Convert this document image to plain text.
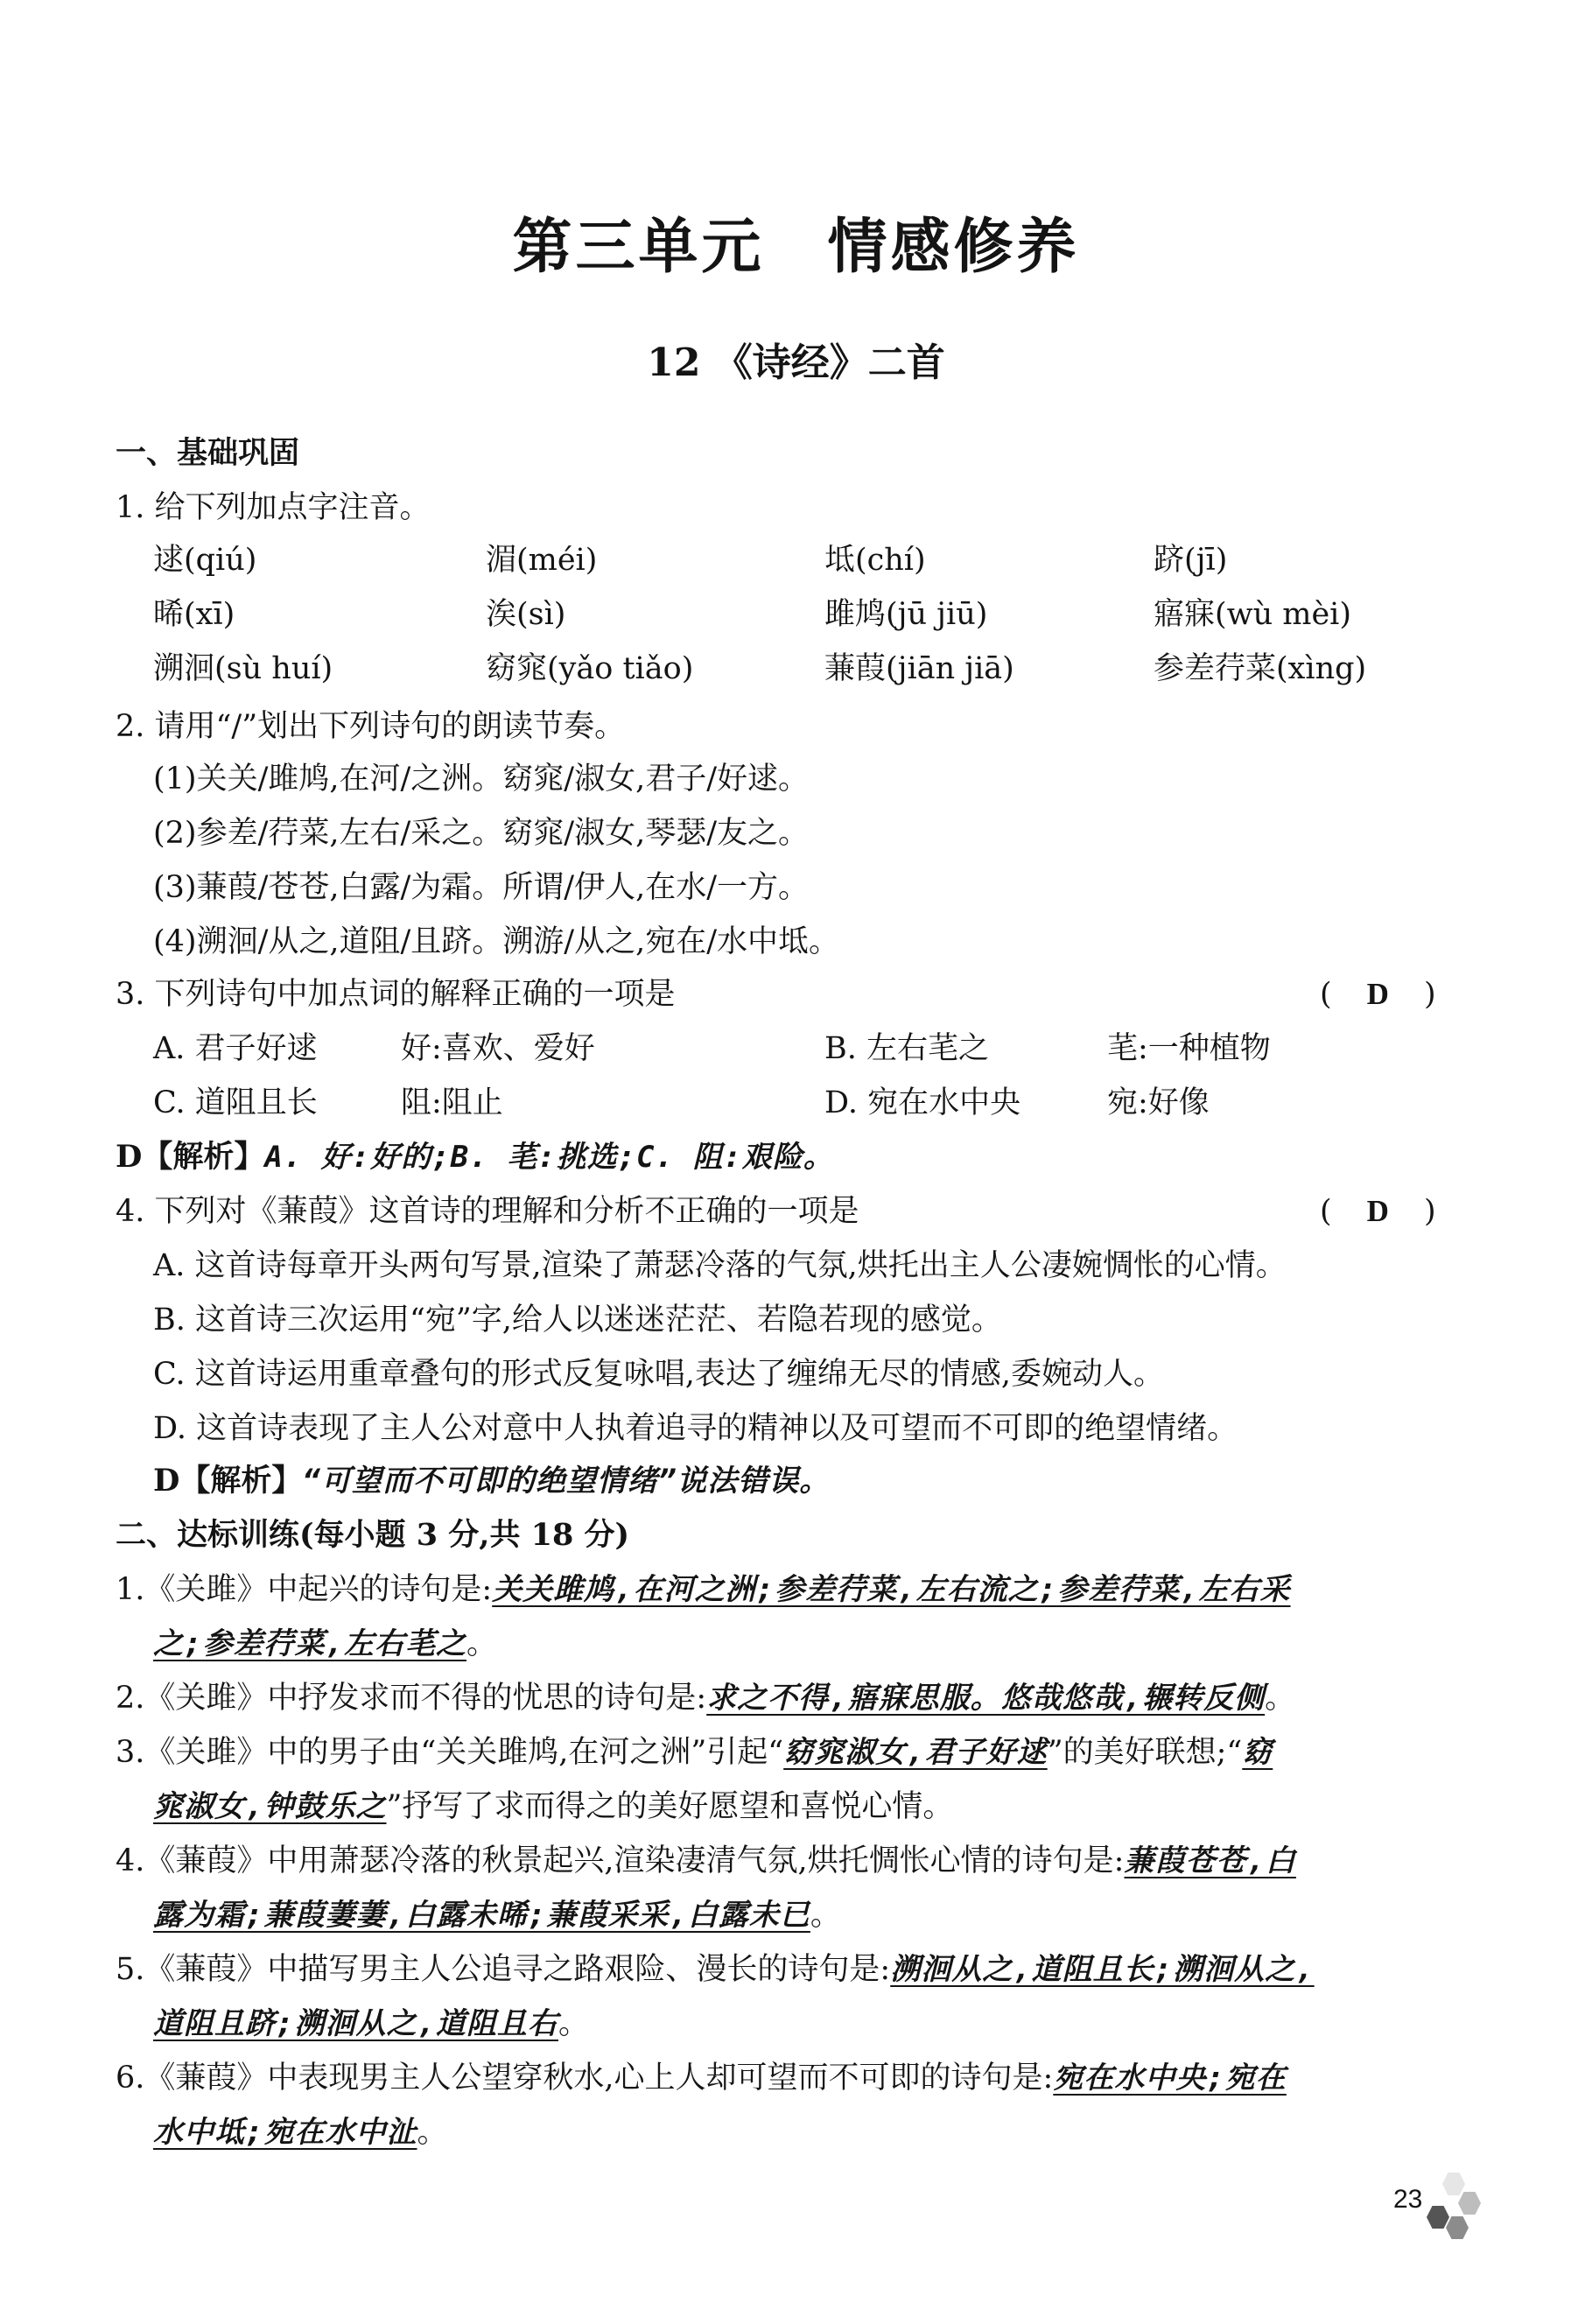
第三单元　情感修养
12 《诗经》二首
一、基础巩固
1. 给下列加点字注音。
逑(qiú)	湄(méi)	坻(chí)	跻(jī)
晞(xī)	涘(sì)	雎鸠(jū jiū)	寤寐(wù mèi)
溯洄(sù huí)	窈窕(yǎo tiǎo)	蒹葭(jiān jiā)	参差荇菜(xìng)
2. 请用“/”划出下列诗句的朗读节奏。
(1)关关/雎鸠,在河/之洲。窈窕/淑女,君子/好逑。
(2)参差/荇菜,左右/采之。窈窕/淑女,琴瑟/友之。
(3)蒹葭/苍苍,白露/为霜。所谓/伊人,在水/一方。
(4)溯洄/从之,道阻/且跻。溯游/从之,宛在/水中坻。
3. 下列诗句中加点词的解释正确的一项是	( D )
A. 君子好逑	好:喜欢、爱好	B. 左右芼之	芼:一种植物
C. 道阻且长	阻:阻止	D. 宛在水中央	宛:好像
D【解析】A. 好:好的;B. 芼:挑选;C. 阻:艰险。
4. 下列对《蒹葭》这首诗的理解和分析不正确的一项是	( D )
A. 这首诗每章开头两句写景,渲染了萧瑟冷落的气氛,烘托出主人公凄婉惆怅的心情。
B. 这首诗三次运用“宛”字,给人以迷迷茫茫、若隐若现的感觉。
C. 这首诗运用重章叠句的形式反复咏唱,表达了缠绵无尽的情感,委婉动人。
D. 这首诗表现了主人公对意中人执着追寻的精神以及可望而不可即的绝望情绪。
D【解析】“可望而不可即的绝望情绪”说法错误。
二、达标训练(每小题 3 分,共 18 分)
1.《关雎》中起兴的诗句是:关关雎鸠,在河之洲;参差荇菜,左右流之;参差荇菜,左右采
之;参差荇菜,左右芼之。
2.《关雎》中抒发求而不得的忧思的诗句是:求之不得,寤寐思服。悠哉悠哉,辗转反侧。
3.《关雎》中的男子由“关关雎鸠,在河之洲”引起“窈窕淑女,君子好逑”的美好联想;“窈
窕淑女,钟鼓乐之”抒写了求而得之的美好愿望和喜悦心情。
4.《蒹葭》中用萧瑟冷落的秋景起兴,渲染凄清气氛,烘托惆怅心情的诗句是:蒹葭苍苍,白
露为霜;蒹葭萋萋,白露未晞;蒹葭采采,白露未已。
5.《蒹葭》中描写男主人公追寻之路艰险、漫长的诗句是:溯洄从之,道阻且长;溯洄从之,
道阻且跻;溯洄从之,道阻且右。
6.《蒹葭》中表现男主人公望穿秋水,心上人却可望而不可即的诗句是:宛在水中央;宛在
水中坻;宛在水中沚。
23
